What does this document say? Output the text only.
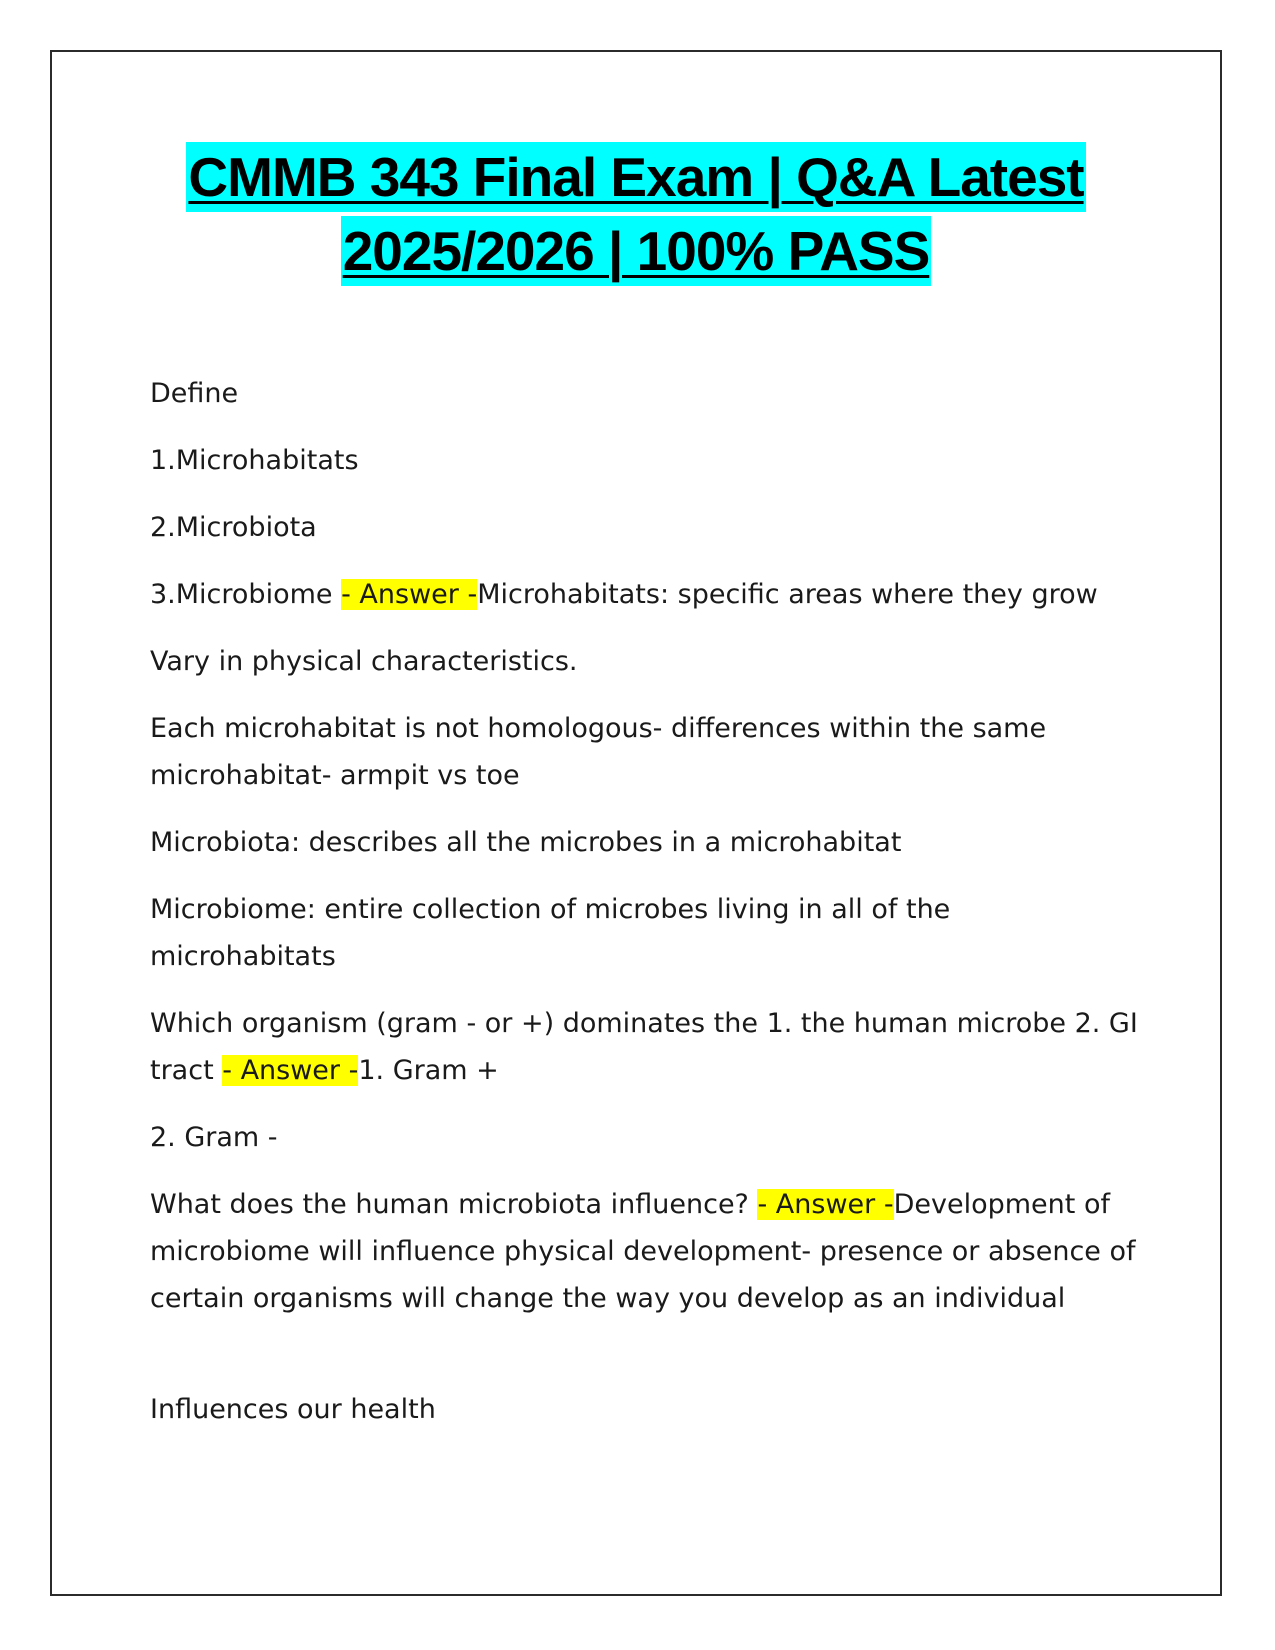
CMMB 343 Final Exam | Q&A Latest
2025/2026 | 100% PASS

Define

1.Microhabitats

2.Microbiota

3.Microbiome - Answer -Microhabitats: specific areas where they grow

Vary in physical characteristics.

Each microhabitat is not homologous- differences within the same microhabitat- armpit vs toe

Microbiota: describes all the microbes in a microhabitat

Microbiome: entire collection of microbes living in all of the microhabitats

Which organism (gram - or +) dominates the 1. the human microbe 2. GI tract - Answer -1. Gram +

2. Gram -

What does the human microbiota influence? - Answer -Development of microbiome will influence physical development- presence or absence of certain organisms will change the way you develop as an individual

Influences our health
